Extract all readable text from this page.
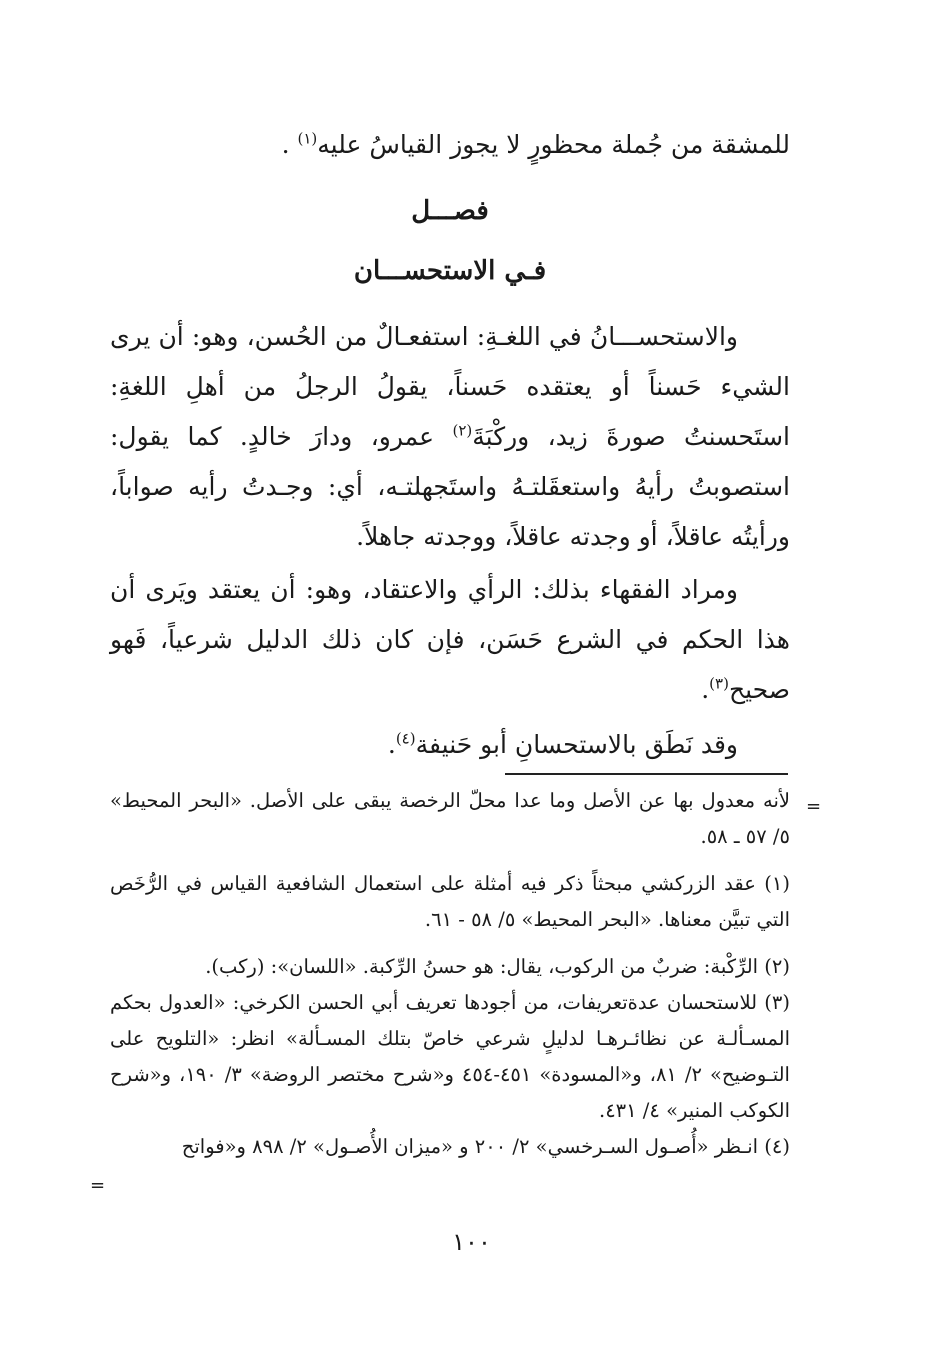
للمشقة من جُملة محظورٍ لا يجوز القياسُ عليه$^{(١)}$ .
فصـــل
فـي الاستحســـان
والاستحســـانُ في اللغـةِ: استفعـالٌ من الحُسن، وهو: أن يرى الشيء حَسناً أو يعتقده حَسناً، يقولُ الرجلُ من أهلِ اللغةِ: استَحسنتُ صورةَ زيد، وركْبَةَ$^{(٢)}$ عمرو، ودارَ خالدٍ. كما يقول: استصوبتُ رأيهُ واستعقَلتـهُ واستَجهلتـه، أي: وجـدتُ رأيه صواباً، ورأيتُه عاقلاً، أو وجدته عاقلاً، ووجدته جاهلاً.
ومراد الفقهاء بذلك: الرأي والاعتقاد، وهو: أن يعتقد ويَرى أن هذا الحكم في الشرع حَسَن، فإن كان ذلك الدليل شرعياً، فَهو صحيح$^{(٣)}$.
وقد نَطَق بالاستحسانِ أبو حَنيفة$^{(٤)}$.

لأنه معدول بها عن الأصل وما عدا محلّ الرخصة يبقى على الأصل. «البحر المحيط» ٥/ ٥٧ ـ ٥٨.

(١) عقد الزركشي مبحثاً ذكر فيه أمثلة على استعمال الشافعية القياس في الرُّخَص التي تبيَّن معناها. «البحر المحيط» ٥/ ٥٨ - ٦١.

(٢) الرِّكْبة: ضربٌ من الركوب، يقال: هو حسنُ الرِّكبة. «اللسان»: (ركب).

(٣) للاستحسان عدةتعريفات، من أجودها تعريف أبي الحسن الكرخي: «العدول بحكم المسـألـة عن نظائـرهـا لدليلٍ شرعي خاصّ بتلك المسـألة» انظر: «التلويح على التـوضيح» ٢/ ٨١، و«المسودة» ٤٥١-٤٥٤ و«شرح مختصر الروضة» ٣/ ١٩٠، و«شرح الكوكب المنير» ٤/ ٤٣١.

(٤) انـظر «أُصـول السـرخسي» ٢/ ٢٠٠ و «ميزان الأُصـول» ٢/ ٨٩٨ و«فواتح

=
=
١٠٠
